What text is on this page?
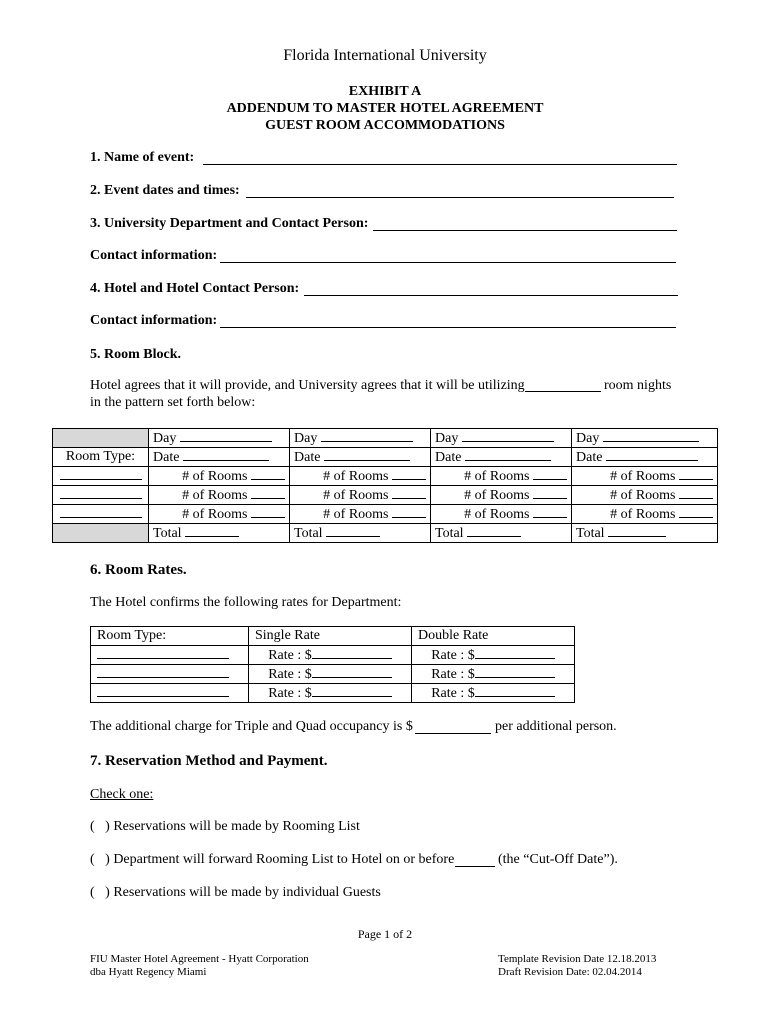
Florida International University
EXHIBIT A
ADDENDUM TO MASTER HOTEL AGREEMENT
GUEST ROOM ACCOMMODATIONS
1. Name of event:
2. Event dates and times:
3. University Department and Contact Person:
Contact information:
4. Hotel and Hotel Contact Person:
Contact information:
5. Room Block.
Hotel agrees that it will provide, and University agrees that it will be utilizing	room nights
in the pattern set forth below:
	Day	Day	Day	Day
Room Type:	Date	Date	Date	Date
	# of Rooms	# of Rooms	# of Rooms	# of Rooms
	# of Rooms	# of Rooms	# of Rooms	# of Rooms
	# of Rooms	# of Rooms	# of Rooms	# of Rooms
	Total	Total	Total	Total
6. Room Rates.
The Hotel confirms the following rates for Department:
Room Type:	Single Rate	Double Rate
	Rate : $	Rate : $
	Rate : $	Rate : $
	Rate : $	Rate : $
The additional charge for Triple and Quad occupancy is $	per additional person.
7. Reservation Method and Payment.
Check one:
(   ) Reservations will be made by Rooming List
(   ) Department will forward Rooming List to Hotel on or before	(the “Cut-Off Date”).
(   ) Reservations will be made by individual Guests
Page 1 of 2
FIU Master Hotel Agreement - Hyatt Corporation
dba Hyatt Regency Miami
Template Revision Date 12.18.2013
Draft Revision Date: 02.04.2014
